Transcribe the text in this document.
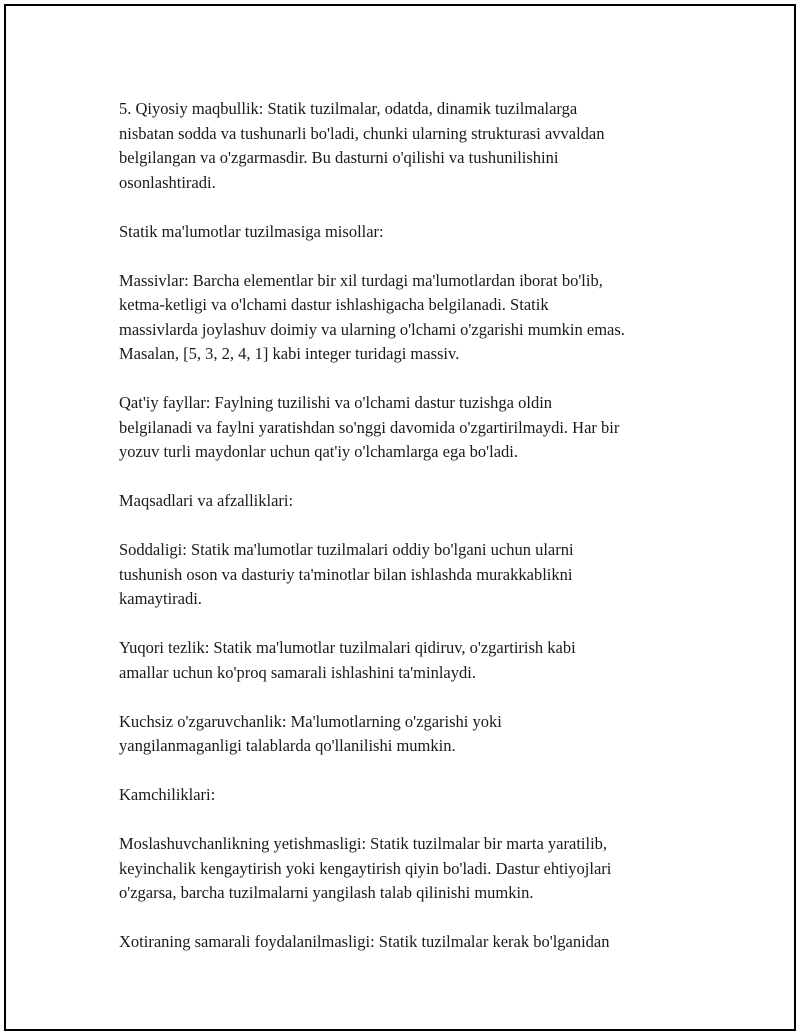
5. Qiyosiy maqbullik: Statik tuzilmalar, odatda, dinamik tuzilmalarga
nisbatan sodda va tushunarli bo'ladi, chunki ularning strukturasi avvaldan
belgilangan va o'zgarmasdir. Bu dasturni o'qilishi va tushunilishini
osonlashtiradi.

Statik ma'lumotlar tuzilmasiga misollar:

Massivlar: Barcha elementlar bir xil turdagi ma'lumotlardan iborat bo'lib,
ketma-ketligi va o'lchami dastur ishlashigacha belgilanadi. Statik
massivlarda joylashuv doimiy va ularning o'lchami o'zgarishi mumkin emas.
Masalan, [5, 3, 2, 4, 1] kabi integer turidagi massiv.

Qat'iy fayllar: Faylning tuzilishi va o'lchami dastur tuzishga oldin
belgilanadi va faylni yaratishdan so'nggi davomida o'zgartirilmaydi. Har bir
yozuv turli maydonlar uchun qat'iy o'lchamlarga ega bo'ladi.

Maqsadlari va afzalliklari:

Soddaligi: Statik ma'lumotlar tuzilmalari oddiy bo'lgani uchun ularni
tushunish oson va dasturiy ta'minotlar bilan ishlashda murakkablikni
kamaytiradi.

Yuqori tezlik: Statik ma'lumotlar tuzilmalari qidiruv, o'zgartirish kabi
amallar uchun ko'proq samarali ishlashini ta'minlaydi.

Kuchsiz o'zgaruvchanlik: Ma'lumotlarning o'zgarishi yoki
yangilanmaganligi talablarda qo'llanilishi mumkin.

Kamchiliklari:

Moslashuvchanlikning yetishmasligi: Statik tuzilmalar bir marta yaratilib,
keyinchalik kengaytirish yoki kengaytirish qiyin bo'ladi. Dastur ehtiyojlari
o'zgarsa, barcha tuzilmalarni yangilash talab qilinishi mumkin.

Xotiraning samarali foydalanilmasligi: Statik tuzilmalar kerak bo'lganidan
